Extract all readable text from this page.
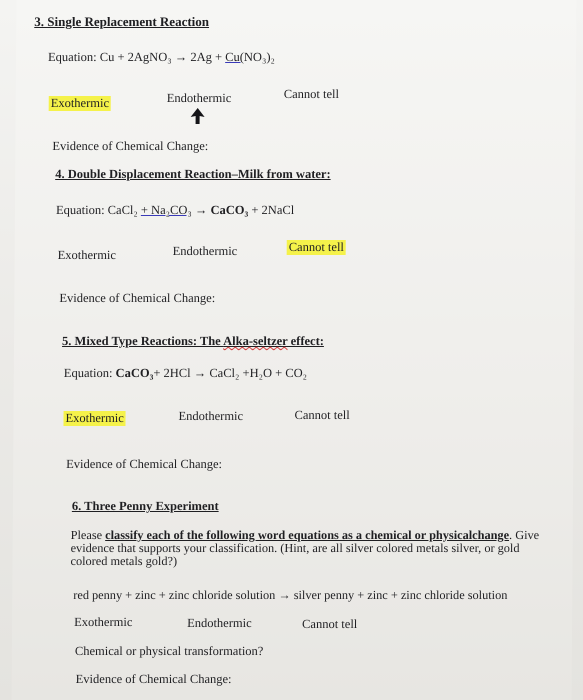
3. Single Replacement Reaction
Equation: Cu + 2AgNO₃ → 2Ag + Cu(NO₃)₂
Exothermic	Endothermic	Cannot tell
Evidence of Chemical Change:
4. Double Displacement Reaction–Milk from water:
Equation: CaCl₂ + Na₂CO₃ → CaCO₃ + 2NaCl
Exothermic	Endothermic	Cannot tell
Evidence of Chemical Change:
5. Mixed Type Reactions: The Alka-seltzer effect:
Equation: CaCO₃+ 2HCl → CaCl₂ +H₂O + CO₂
Exothermic	Endothermic	Cannot tell
Evidence of Chemical Change:
6. Three Penny Experiment
Please classify each of the following word equations as a chemical or physicalchange. Give evidence that supports your classification. (Hint, are all silver colored metals silver, or gold colored metals gold?)
red penny + zinc + zinc chloride solution → silver penny + zinc + zinc chloride solution
Exothermic	Endothermic	Cannot tell
Chemical or physical transformation?
Evidence of Chemical Change:
